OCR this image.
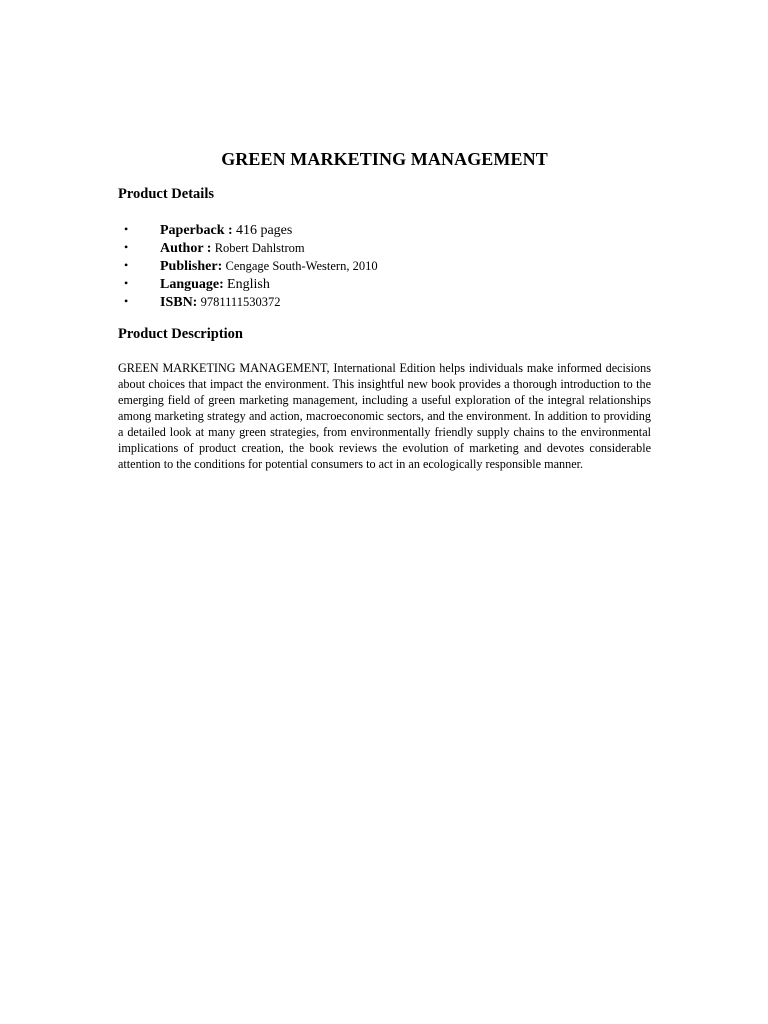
GREEN MARKETING MANAGEMENT
Product Details
• Paperback : 416 pages
• Author : Robert Dahlstrom
• Publisher: Cengage South-Western, 2010
• Language: English
• ISBN: 9781111530372
Product Description

GREEN MARKETING MANAGEMENT, International Edition helps individuals make informed decisions about choices that impact the environment. This insightful new book provides a thorough introduction to the emerging field of green marketing management, including a useful exploration of the integral relationships among marketing strategy and action, macroeconomic sectors, and the environment. In addition to providing a detailed look at many green strategies, from environmentally friendly supply chains to the environmental implications of product creation, the book reviews the evolution of marketing and devotes considerable attention to the conditions for potential consumers to act in an ecologically responsible manner.
